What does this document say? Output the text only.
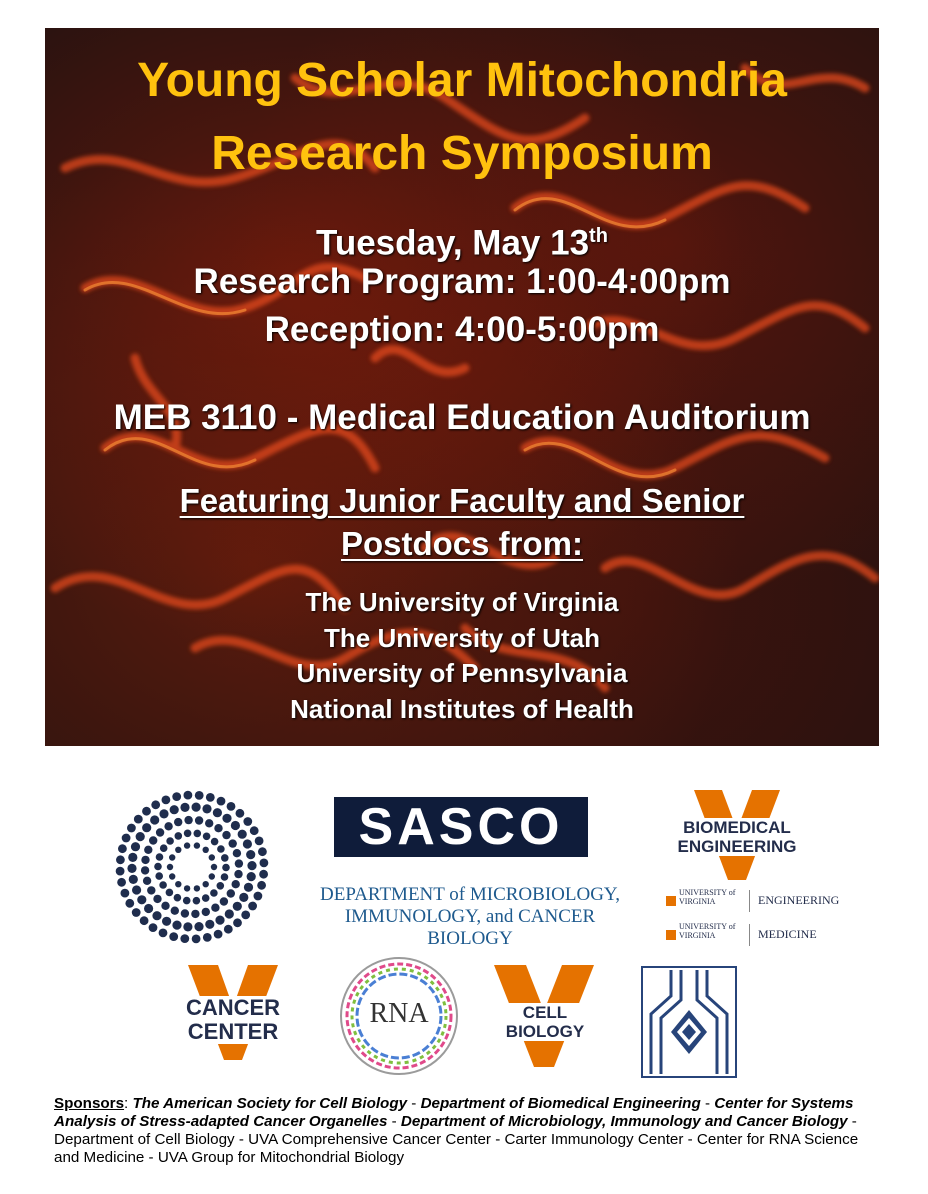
Young Scholar Mitochondria
Research Symposium
Tuesday, May 13th
Research Program: 1:00-4:00pm
Reception: 4:00-5:00pm
MEB 3110 - Medical Education Auditorium
Featuring Junior Faculty and Senior
Postdocs from:
The University of Virginia
The University of Utah
University of Pennsylvania
National Institutes of Health
SASCO
DEPARTMENT of MICROBIOLOGY,
IMMUNOLOGY, and CANCER BIOLOGY
BIOMEDICAL
ENGINEERING
UNIVERSITY of VIRGINIA	ENGINEERING
UNIVERSITY of VIRGINIA	MEDICINE
CANCER CENTER
RNA	CELL
BIOLOGY
Sponsors: The American Society for Cell Biology - Department of Biomedical Engineering - Center for Systems Analysis of Stress-adapted Cancer Organelles - Department of Microbiology, Immunology and Cancer Biology - Department of Cell Biology - UVA Comprehensive Cancer Center - Carter Immunology Center - Center for RNA Science and Medicine - UVA Group for Mitochondrial Biology
